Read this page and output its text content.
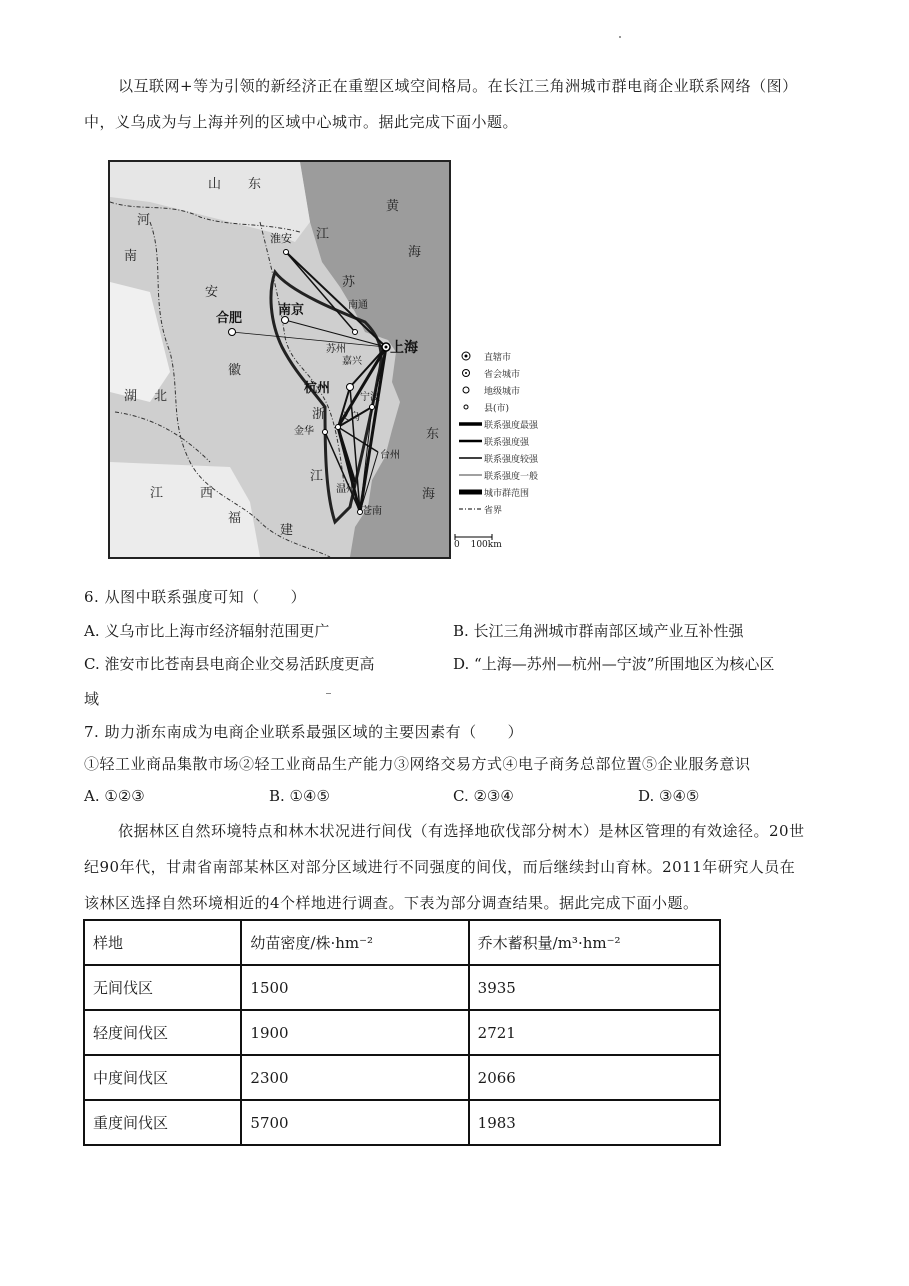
以互联网+等为引领的新经济正在重塑区域空间格局。在长江三角洲城市群电商企业联系网络（图）
中，义乌成为与上海并列的区域中心城市。据此完成下面小题。
山 东
河
南
安
徽
湖 北
江	西
福
建
江
苏
浙
江
黄
海
东
海
淮安
南京
合肥
南通
苏州
嘉兴
上海
杭州
金华
义乌
温州
宁波
台州
苍南
直辖市
省会城市
地级城市
县(市)
联系强度最强
联系强度强
联系强度较强
联系强度一般
城市群范围
省界
0 100km
6. 从图中联系强度可知（　　）
A. 义乌市比上海市经济辐射范围更广	B. 长江三角洲城市群南部区域产业互补性强
C. 淮安市比苍南县电商企业交易活跃度更高	D. “上海—苏州—杭州—宁波”所围地区为核心区
域
7. 助力浙东南成为电商企业联系最强区域的主要因素有（　　）
①轻工业商品集散市场②轻工业商品生产能力③网络交易方式④电子商务总部位置⑤企业服务意识
A. ①②③	B. ①④⑤	C. ②③④	D. ③④⑤
依据林区自然环境特点和林木状况进行间伐（有选择地砍伐部分树木）是林区管理的有效途径。20世
纪90年代，甘肃省南部某林区对部分区域进行不同强度的间伐，而后继续封山育林。2011年研究人员在
该林区选择自然环境相近的4个样地进行调查。下表为部分调查结果。据此完成下面小题。
样地	幼苗密度/株·hm⁻²	乔木蓄积量/m³·hm⁻²
无间伐区	1500	3935
轻度间伐区	1900	2721
中度间伐区	2300	2066
重度间伐区	5700	1983
